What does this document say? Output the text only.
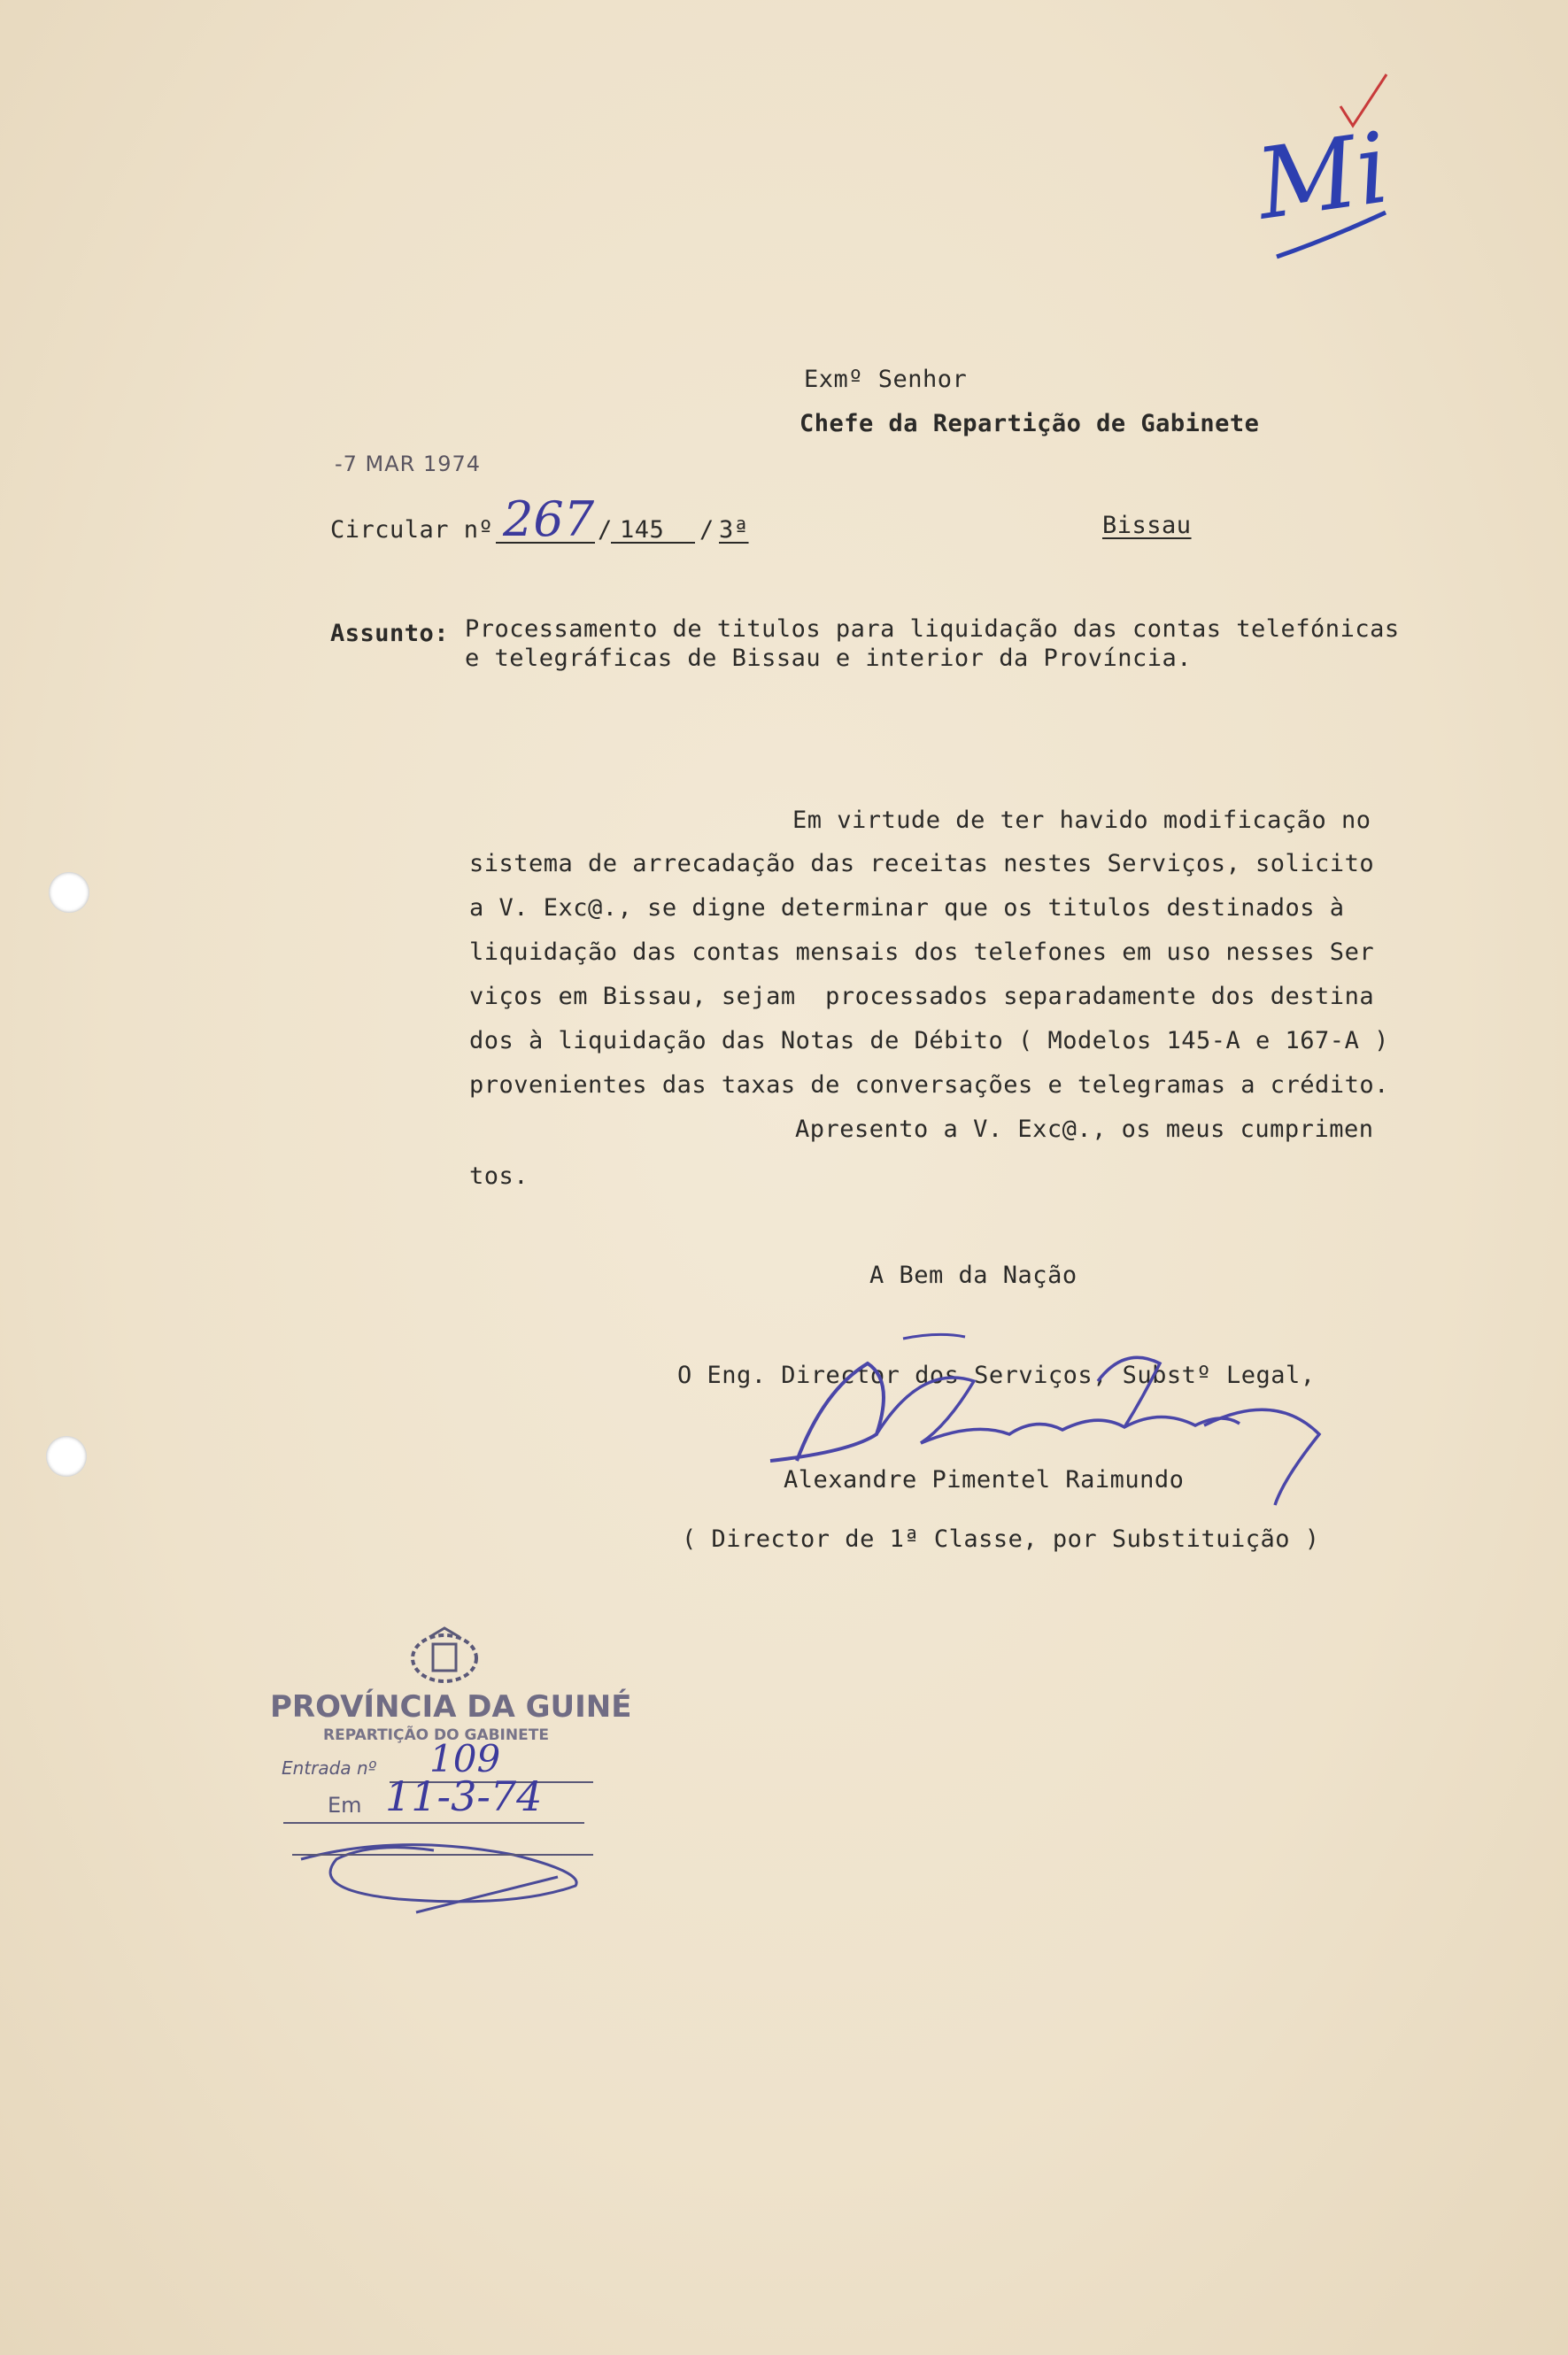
Mi
Exmº Senhor
Chefe da Repartição de Gabinete
-7 MAR 1974
Circular nº 267 / 145 / 3ª	Bissau
Assunto: Processamento de titulos para liquidação das contas telefónicas
e telegráficas de Bissau e interior da Província.
Em virtude de ter havido modificação no
sistema de arrecadação das receitas nestes Serviços, solicito
a V. Exc@., se digne determinar que os titulos destinados à
liquidação das contas mensais dos telefones em uso nesses Ser
viços em Bissau, sejam  processados separadamente dos destina
dos à liquidação das Notas de Débito ( Modelos 145-A e 167-A )
provenientes das taxas de conversações e telegramas a crédito.
Apresento a V. Exc@., os meus cumprimen
tos.
A Bem da Nação
O Eng. Director dos Serviços, Substº Legal,
Alexandre Pimentel Raimundo
( Director de 1ª Classe, por Substituição )
PROVÍNCIA DA GUINÉ
REPARTIÇÃO DO GABINETE
Entrada nº 109
Em 11-3-74
